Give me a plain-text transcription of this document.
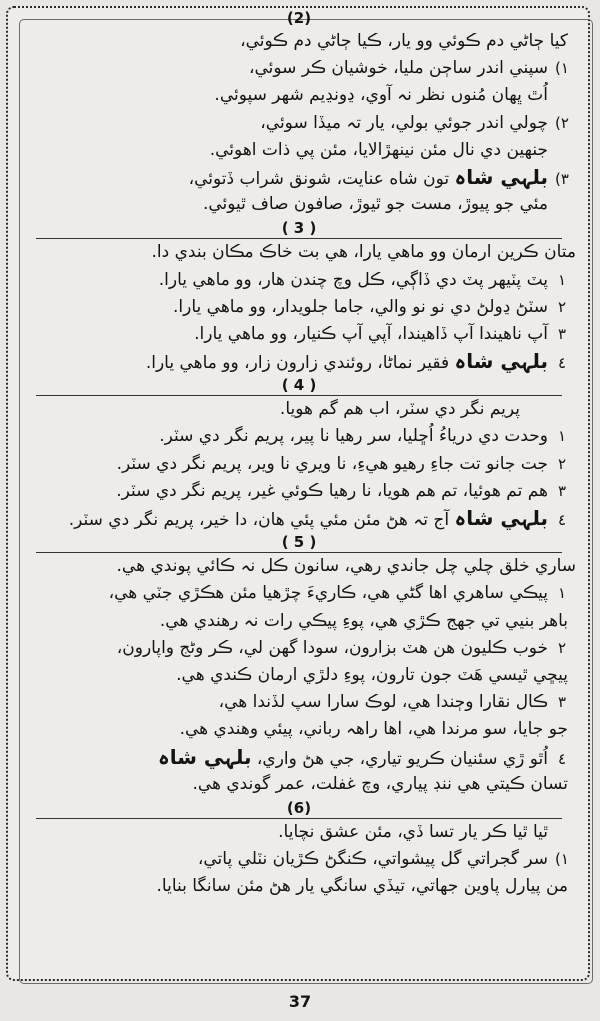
(2)
کيا ڄاڻي دم ڪوئي وو يار، ڪيا ڄاڻي دم ڪوئي،
١)سپني اندر ساڄن مليا، خوشيان ڪر سوئي،
اُٿ ڀهان مُنوں نظر نہ آوي، ڍونڍيم شهر سپوئي.
٢)چولي اندر جوئي بولي، يار تہ ميڏا سوئي،
جنهين دي نال مئن نينهڙالايا، مئن پي ذات اهوئي.
٣)بلہي شاہ تون شاه عنايت، شونق شراب ڏتوئي،
مئي جو پيوڙ، مست جو ٿيوڙ، صافون صاف ٿيوئي.
( 3 )
متان ڪرين ارمان وو ماهي يارا، هي بت خاڪ مڪان بندي دا.
١پٽ پٽيهر پٽ دي ڏاڳي، ڪل وچ چندن هار، وو ماهي يارا.
٢سٽڻ ڍولڻ دي نو نو والي، جاما جلويدار، وو ماهي يارا.
٣آپ ناهيندا آپ ڏاهيندا، آپي آپ ڪنيار، وو ماهي يارا.
٤بلہي شاہ فقير نماڻا، روئندي زارون زار، وو ماهي يارا.
( 4 )
پريم نگر دي سٽر، اب هم گم هويا.
١وحدت دي درياءُ اُڇليا، سر رهيا نا پير، پريم نگر دي سٽر.
٢جت جانو تت جاءِ رهيو هيءِ، نا ويري نا وير، پريم نگر دي سٽر.
٣هم تم هوئيا، تم هم هويا، نا رهيا ڪوئي غير، پريم نگر دي سٽر.
٤بلہي شاہ آج تہ هڻ مئن مئي پئي هان، دا خير، پريم نگر دي سٽر.
( 5 )
ساري خلق چلي چل جاندي رهي، سانون ڪل نہ ڪائي پوندي هي.
١پيڪي ساهري اها گڻي هي، ڪاريءَ چڙهيا مئن هڪڙي جٽي هي،
باهر بنيي تي جهج ڪڙي هي، پوءِ پيڪي رات نہ رهندي هي.
٢خوب ڪليون هن هٽ بزارون، سودا گهن لي، ڪر وڻج واپارون،
پيڇي ٿيسي هَٽ جون تارون، پوءِ دلڙي ارمان ڪندي هي.
٣ڪال نقارا وڄندا هي، لوڪ سارا سپ لڏندا هي،
جو جايا، سو مرندا هي، اها راهہ رباني، پيئي وهندي هي.
٤اُٿو ڙي سئنيان ڪريو تياري، جي هڻ واري، بلہي شاہ
تسان ڪيتي هي ننڊ پياري، وچ غفلت، عمر گوندي هي.
(6)
ٿيا ٿيا ڪر يار تسا ڏي، مئن عشق نچايا.
١)سر گجراتي گل پيشواتي، ڪنگڻ ڪڙيان نٽلي پاتي،
من پيارل پاوين جهاتي، تيڏي سانگي يار هڻ مئن سانگا بنايا.
37
